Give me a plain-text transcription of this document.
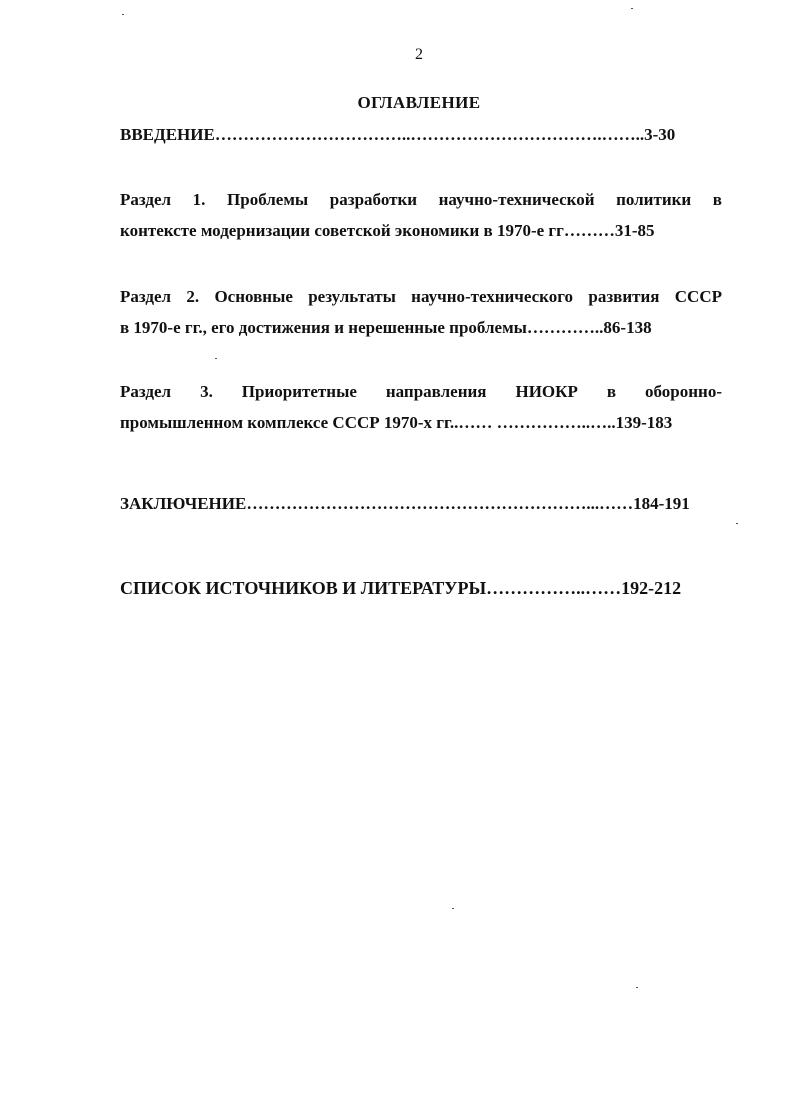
2
ОГЛАВЛЕНИЕ
ВВЕДЕНИЕ……………………………..…………………………….……..3-30
Раздел 1. Проблемы разработки научно-технической политики в
контексте модернизации советской экономики в 1970-е гг………31-85
Раздел 2. Основные результаты научно-технического развития СССР
в 1970-е гг., его достижения и нерешенные проблемы…………..86-138
Раздел 3. Приоритетные направления НИОКР в оборонно-
промышленном комплексе СССР 1970-х гг..…… ……………..…..139-183
ЗАКЛЮЧЕНИЕ……………………………………………………...……184-191
СПИСОК ИСТОЧНИКОВ И ЛИТЕРАТУРЫ……………..……192-212
